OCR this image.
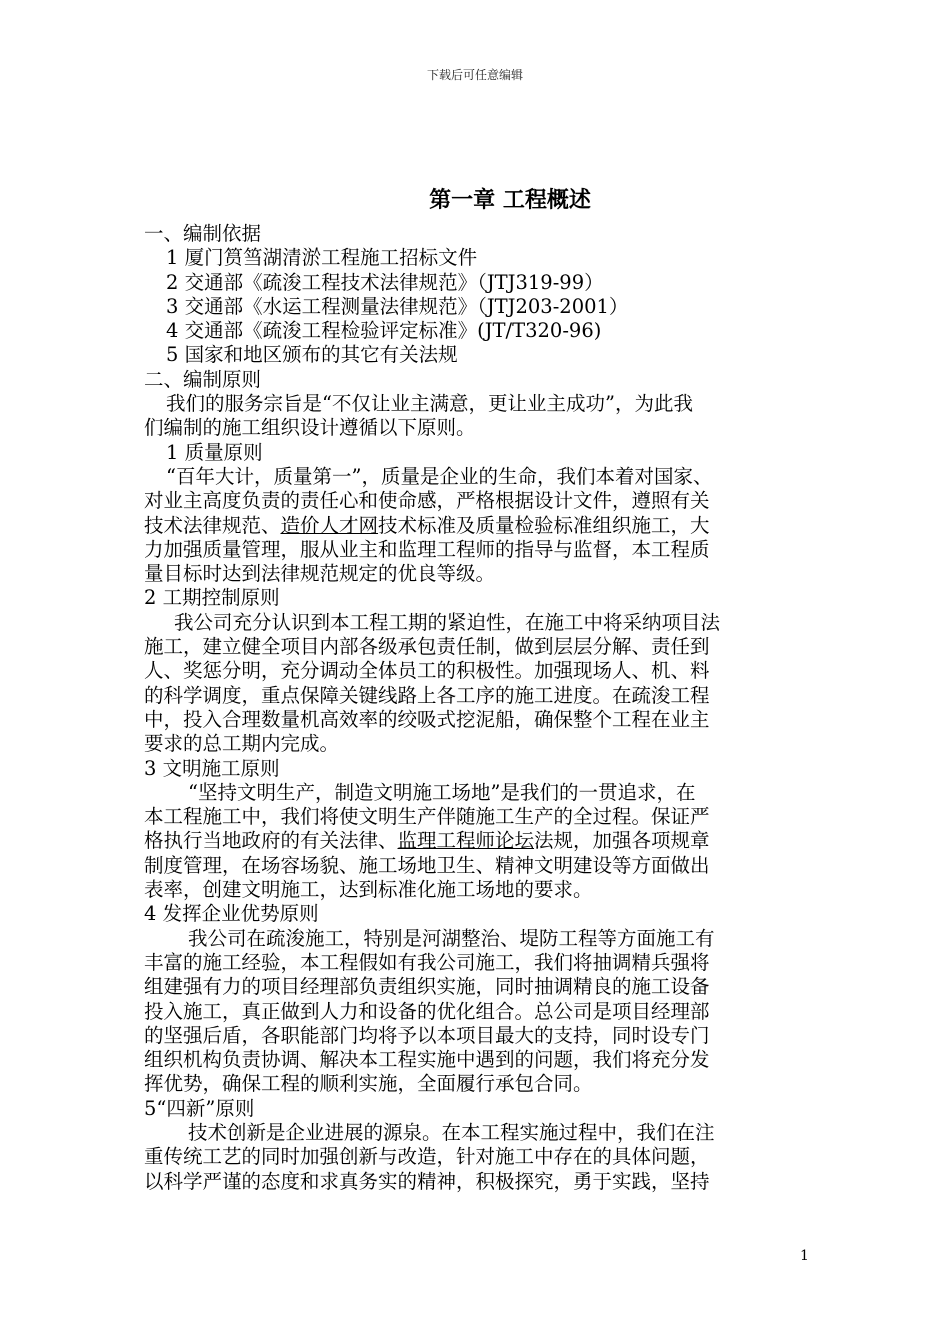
下载后可任意编辑
第一章 工程概述
一、编制依据
1 厦门筼筜湖清淤工程施工招标文件
2 交通部《疏浚工程技术法律规范》（JTJ319-99）
3 交通部《水运工程测量法律规范》（JTJ203-2001）
4 交通部《疏浚工程检验评定标准》(JT/T320-96)
5 国家和地区颁布的其它有关法规
二、编制原则
我们的服务宗旨是“不仅让业主满意，更让业主成功”，为此我
们编制的施工组织设计遵循以下原则。
1 质量原则
“百年大计，质量第一”，质量是企业的生命，我们本着对国家、
对业主高度负责的责任心和使命感，严格根据设计文件，遵照有关
技术法律规范、造价人才网技术标准及质量检验标准组织施工，大
力加强质量管理，服从业主和监理工程师的指导与监督，本工程质
量目标时达到法律规范规定的优良等级。
2 工期控制原则
我公司充分认识到本工程工期的紧迫性，在施工中将采纳项目法
施工，建立健全项目内部各级承包责任制，做到层层分解、责任到
人、奖惩分明，充分调动全体员工的积极性。加强现场人、机、料
的科学调度，重点保障关键线路上各工序的施工进度。在疏浚工程
中，投入合理数量机高效率的绞吸式挖泥船，确保整个工程在业主
要求的总工期内完成。
3 文明施工原则
“坚持文明生产，制造文明施工场地”是我们的一贯追求，在
本工程施工中，我们将使文明生产伴随施工生产的全过程。保证严
格执行当地政府的有关法律、监理工程师论坛法规，加强各项规章
制度管理，在场容场貌、施工场地卫生、精神文明建设等方面做出
表率，创建文明施工，达到标准化施工场地的要求。
4 发挥企业优势原则
我公司在疏浚施工，特别是河湖整治、堤防工程等方面施工有
丰富的施工经验，本工程假如有我公司施工，我们将抽调精兵强将
组建强有力的项目经理部负责组织实施，同时抽调精良的施工设备
投入施工，真正做到人力和设备的优化组合。总公司是项目经理部
的坚强后盾，各职能部门均将予以本项目最大的支持，同时设专门
组织机构负责协调、解决本工程实施中遇到的问题，我们将充分发
挥优势，确保工程的顺利实施，全面履行承包合同。
5“四新”原则
技术创新是企业进展的源泉。在本工程实施过程中，我们在注
重传统工艺的同时加强创新与改造，针对施工中存在的具体问题，
以科学严谨的态度和求真务实的精神，积极探究，勇于实践，坚持
1
